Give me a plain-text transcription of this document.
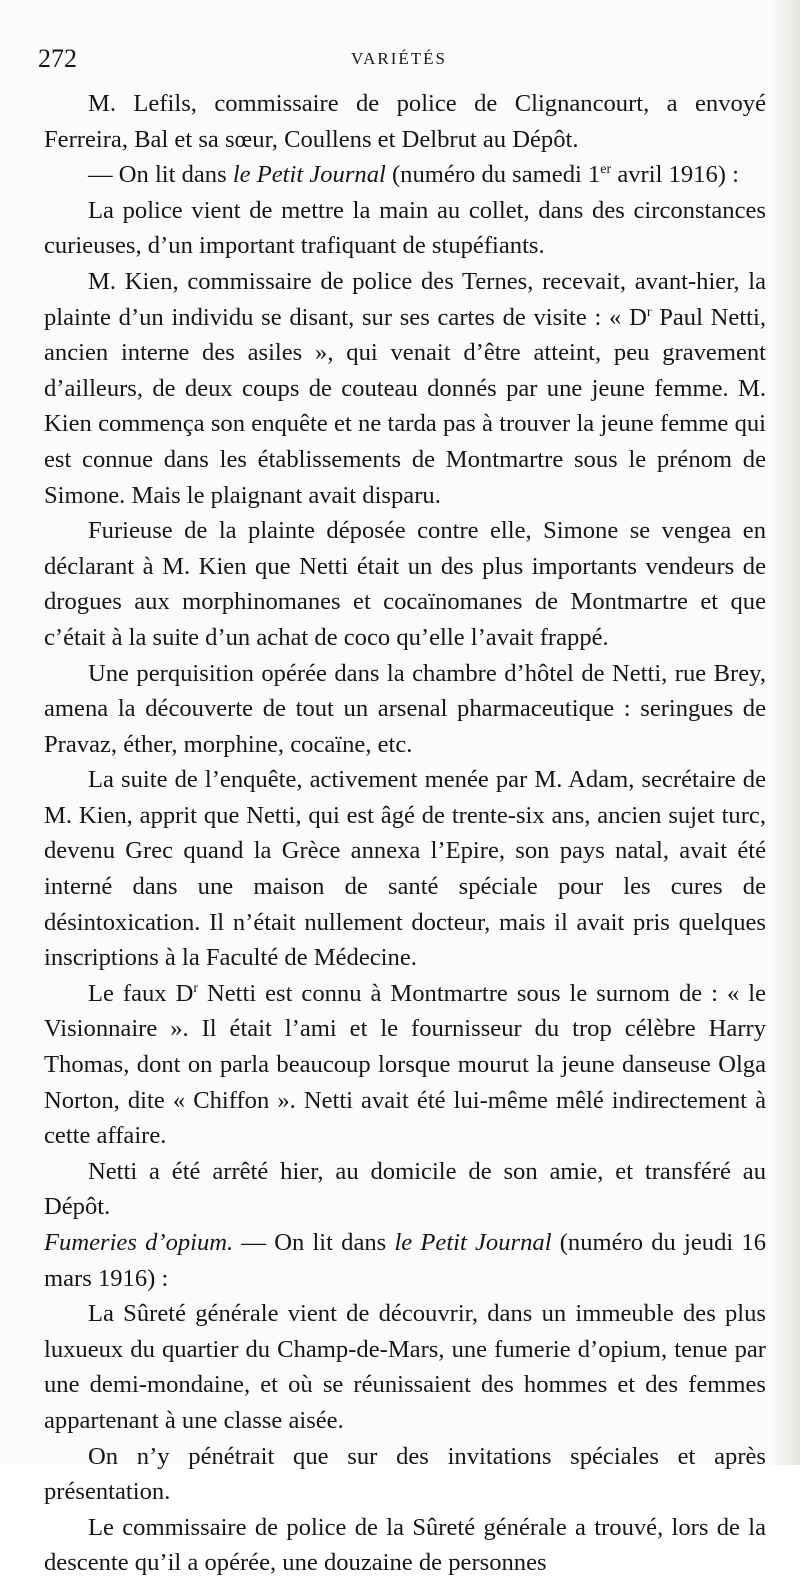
272	VARIÉTÉS

M. Lefils, commissaire de police de Clignancourt, a envoyé Ferreira, Bal et sa sœur, Coullens et Delbrut au Dépôt.

— On lit dans le Petit Journal (numéro du samedi 1er avril 1916) :

La police vient de mettre la main au collet, dans des circonstances curieuses, d’un important trafiquant de stupéfiants.

M. Kien, commissaire de police des Ternes, recevait, avant-hier, la plainte d’un individu se disant, sur ses cartes de visite : « $D^r$ Paul Netti, ancien interne des asiles », qui venait d’être atteint, peu gravement d’ailleurs, de deux coups de couteau donnés par une jeune femme. M. Kien commença son enquête et ne tarda pas à trouver la jeune femme qui est connue dans les établissements de Montmartre sous le prénom de Simone. Mais le plaignant avait disparu.

Furieuse de la plainte déposée contre elle, Simone se vengea en déclarant à M. Kien que Netti était un des plus importants vendeurs de drogues aux morphinomanes et cocaïnomanes de Montmartre et que c’était à la suite d’un achat de coco qu’elle l’avait frappé.

Une perquisition opérée dans la chambre d’hôtel de Netti, rue Brey, amena la découverte de tout un arsenal pharmaceutique : seringues de Pravaz, éther, morphine, cocaïne, etc.

La suite de l’enquête, activement menée par M. Adam, secrétaire de M. Kien, apprit que Netti, qui est âgé de trente-six ans, ancien sujet turc, devenu Grec quand la Grèce annexa l’Epire, son pays natal, avait été interné dans une maison de santé spéciale pour les cures de désintoxication. Il n’était nullement docteur, mais il avait pris quelques inscriptions à la Faculté de Médecine.

Le faux $D^r$ Netti est connu à Montmartre sous le surnom de : « le Visionnaire ». Il était l’ami et le fournisseur du trop célèbre Harry Thomas, dont on parla beaucoup lorsque mourut la jeune danseuse Olga Norton, dite « Chiffon ». Netti avait été lui-même mêlé indirectement à cette affaire.

Netti a été arrêté hier, au domicile de son amie, et transféré au Dépôt.

Fumeries d’opium. — On lit dans le Petit Journal (numéro du jeudi 16 mars 1916) :

La Sûreté générale vient de découvrir, dans un immeuble des plus luxueux du quartier du Champ-de-Mars, une fumerie d’opium, tenue par une demi-mondaine, et où se réunissaient des hommes et des femmes appartenant à une classe aisée.

On n’y pénétrait que sur des invitations spéciales et après présentation.

Le commissaire de police de la Sûreté générale a trouvé, lors de la descente qu’il a opérée, une douzaine de personnes
